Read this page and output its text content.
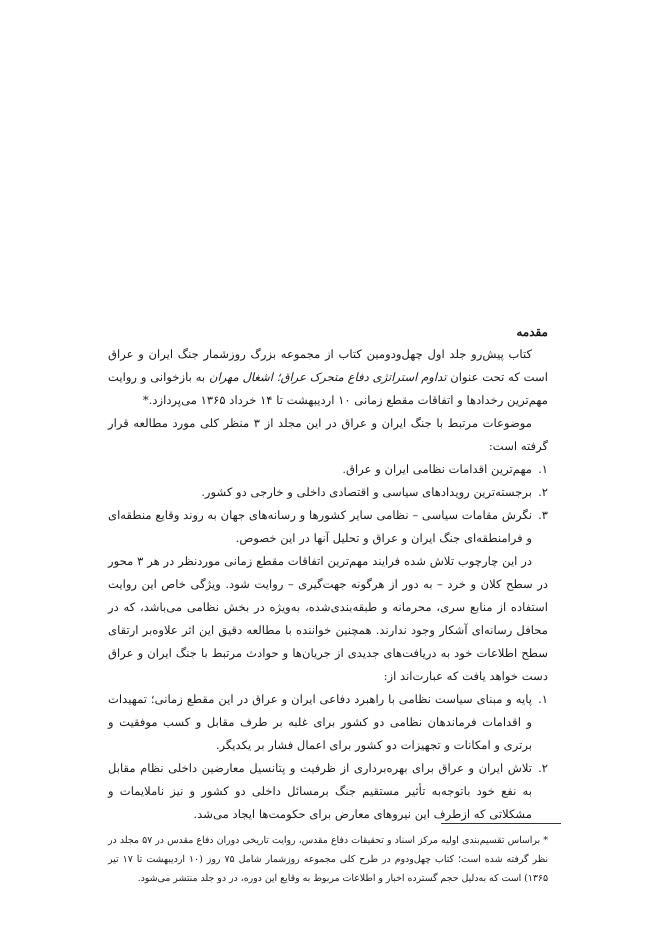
مقدمه

کتاب پیش‌رو جلد اول چهل‌ودومین کتاب از مجموعه بزرگ روزشمار جنگ ایران و عراق است که تحت عنوان تداوم استراتژی دفاع متحرک عراق؛ اشغال مهران به بازخوانی و روایت مهم‌ترین رخدادها و اتفاقات مقطع زمانی ۱۰ اردیبهشت تا ۱۴ خرداد ۱۳۶۵ می‌پردازد.*

موضوعات مرتبط با جنگ ایران و عراق در این مجلد از ۳ منظر کلی مورد مطالعه قرار گرفته است:

۱.مهم‌ترین اقدامات نظامی ایران و عراق.
۲.برجسته‌ترین رویدادهای سیاسی و اقتصادی داخلی و خارجی دو کشور.
۳.نگرش مقامات سیاسی – نظامی سایر کشورها و رسانه‌های جهان به روند وقایع منطقه‌ای و فرامنطقه‌ای جنگ ایران و عراق و تحلیل آنها در این خصوص.

در این چارچوب تلاش شده فرایند مهم‌ترین اتفاقات مقطع زمانی موردنظر در هر ۳ محور در سطح کلان و خرد – به دور از هرگونه جهت‌گیری – روایت شود. ویژگی خاص این روایت استفاده از منابع سری، محرمانه و طبقه‌بندی‌شده، به‌ویژه در بخش نظامی می‌باشد، که در محافل رسانه‌ای آشکار وجود ندارند. همچنین خواننده با مطالعه دقیق این اثر علاوه‌بر ارتقای سطح اطلاعات خود به دریافت‌های جدیدی از جریان‌ها و حوادث مرتبط با جنگ ایران و عراق دست خواهد یافت که عبارت‌اند از:

۱.پایه و مبنای سیاست نظامی با راهبرد دفاعی ایران و عراق در این مقطع زمانی؛ تمهیدات و اقدامات فرماندهان نظامی دو کشور برای غلبه بر طرف مقابل و کسب موفقیت و برتری و امکانات و تجهیزات دو کشور برای اعمال فشار بر یکدیگر.
۲.تلاش ایران و عراق برای بهره‌برداری از ظرفیت و پتانسیل معارضین داخلی نظام مقابل به نفع خود باتوجه‌به تأثیر مستقیم جنگ برمسائل داخلی دو کشور و نیز ناملایمات و مشکلاتی که ازطرف این نیروهای معارض برای حکومت‌ها ایجاد می‌شد.
* براساس تقسیم‌بندی اولیه مرکز اسناد و تحقیقات دفاع مقدس، روایت تاریخی دوران دفاع مقدس در ۵۷ مجلد در نظر گرفته شده است؛ کتاب چهل‌ودوم در طرح کلی مجموعه روزشمار شامل ۷۵ روز (۱۰ اردیبهشت تا ۱۷ تیر ۱۳۶۵) است که به‌دلیل حجم گسترده اخبار و اطلاعات مربوط به وقایع این دوره، در دو جلد منتشر می‌شود.
